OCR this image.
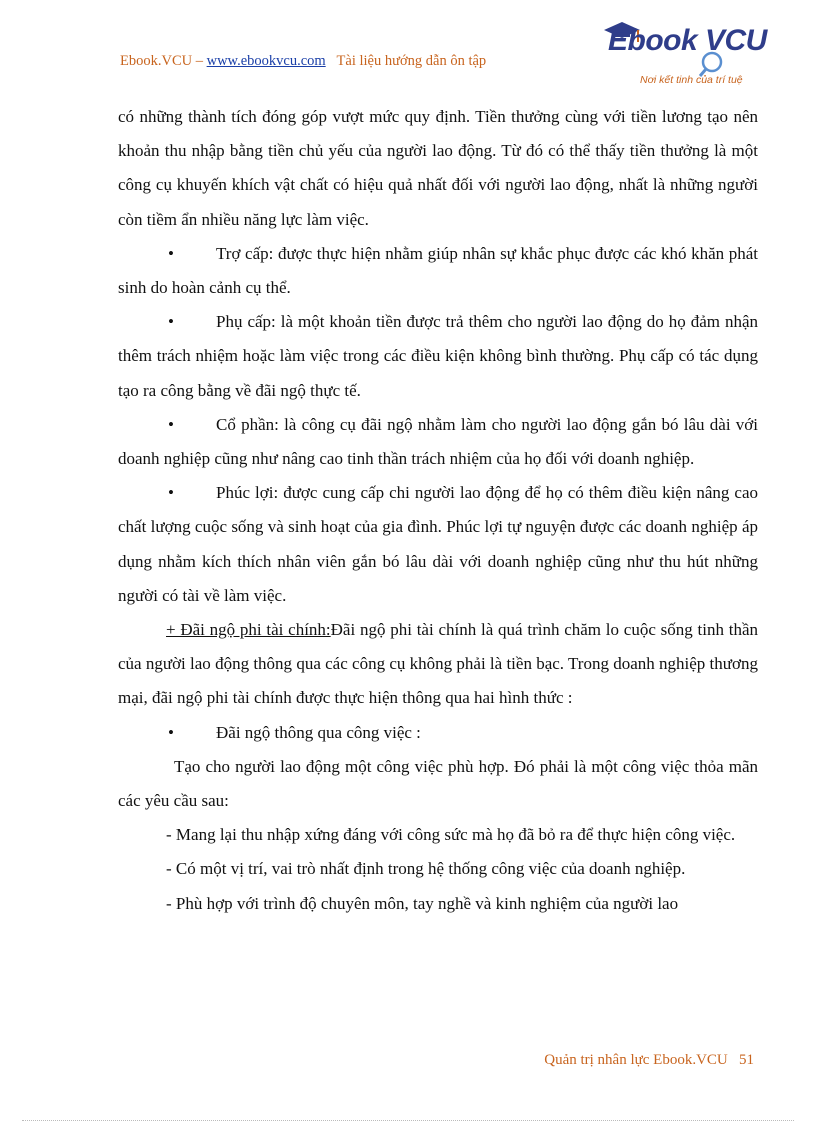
Ebook.VCU – www.ebookvcu.com Tài liệu hướng dẫn ôn tập
Ebook VCU
Nơi kết tinh của trí tuệ

có những thành tích đóng góp vượt mức quy định. Tiền thưởng cùng với tiền lương tạo nên khoản thu nhập bằng tiền chủ yếu của người lao động. Từ đó có thể thấy tiền thưởng là một công cụ khuyến khích vật chất có hiệu quả nhất đối với người lao động, nhất là những người còn tiềm ẩn nhiều năng lực làm việc.

• Trợ cấp: được thực hiện nhằm giúp nhân sự khắc phục được các khó khăn phát sinh do hoàn cảnh cụ thể.

• Phụ cấp: là một khoản tiền được trả thêm cho người lao động do họ đảm nhận thêm trách nhiệm hoặc làm việc trong các điều kiện không bình thường. Phụ cấp có tác dụng tạo ra công bằng về đãi ngộ thực tế.

• Cổ phần: là công cụ đãi ngộ nhằm làm cho người lao động gắn bó lâu dài với doanh nghiệp cũng như nâng cao tinh thần trách nhiệm của họ đối với doanh nghiệp.

• Phúc lợi: được cung cấp chi người lao động để họ có thêm điều kiện nâng cao chất lượng cuộc sống và sinh hoạt của gia đình. Phúc lợi tự nguyện được các doanh nghiệp áp dụng nhằm kích thích nhân viên gắn bó lâu dài với doanh nghiệp cũng như thu hút những người có tài về làm việc.

+ Đãi ngộ phi tài chính:Đãi ngộ phi tài chính là quá trình chăm lo cuộc sống tinh thần của người lao động thông qua các công cụ không phải là tiền bạc. Trong doanh nghiệp thương mại, đãi ngộ phi tài chính được thực hiện thông qua hai hình thức :

• Đãi ngộ thông qua công việc :

Tạo cho người lao động một công việc phù hợp. Đó phải là một công việc thỏa mãn các yêu cầu sau:

- Mang lại thu nhập xứng đáng với công sức mà họ đã bỏ ra để thực hiện công việc.

- Có một vị trí, vai trò nhất định trong hệ thống công việc của doanh nghiệp.

- Phù hợp với trình độ chuyên môn, tay nghề và kinh nghiệm của người lao

Quản trị nhân lực Ebook.VCU 51
